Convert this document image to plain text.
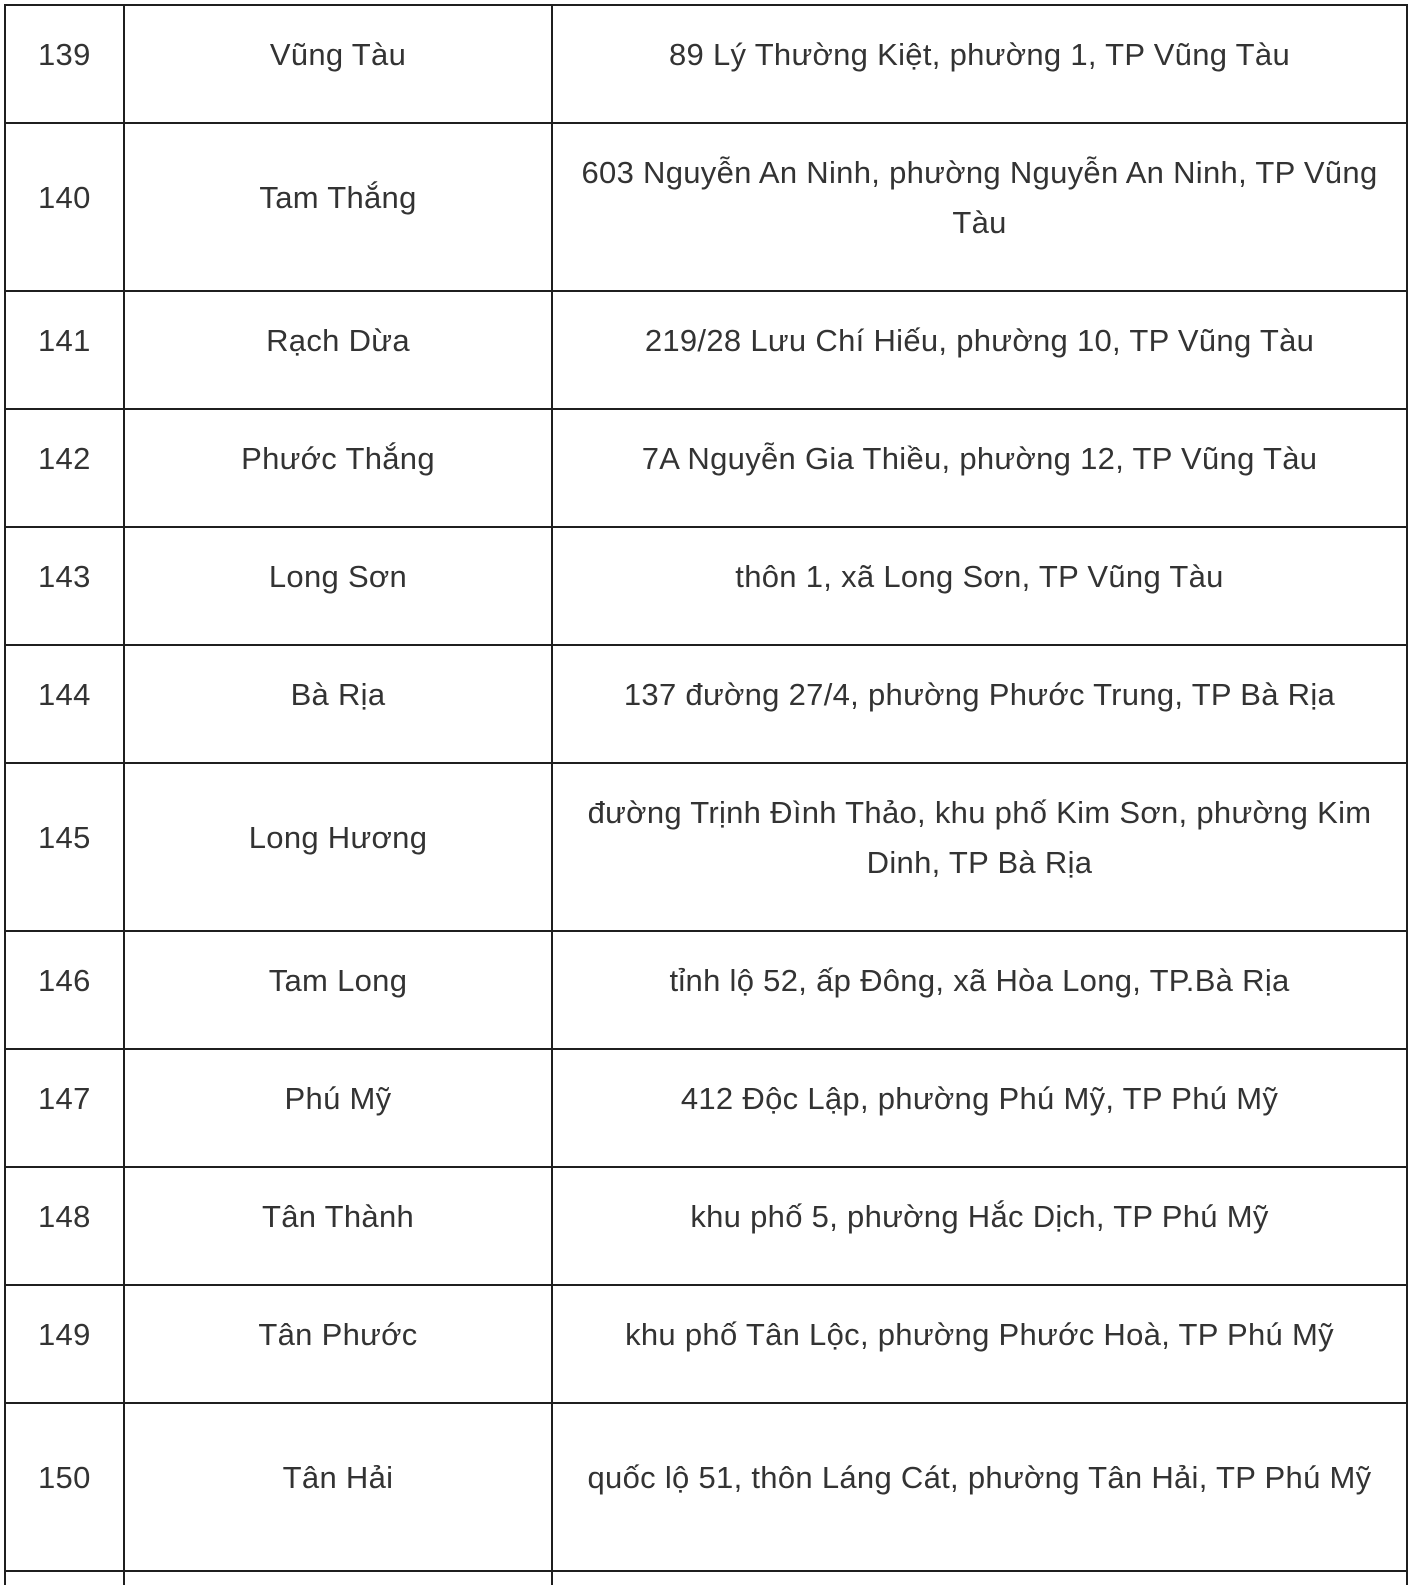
139	Vũng Tàu	89 Lý Thường Kiệt, phường 1, TP Vũng Tàu
140	Tam Thắng	603 Nguyễn An Ninh, phường Nguyễn An Ninh, TP Vũng Tàu
141	Rạch Dừa	219/28 Lưu Chí Hiếu, phường 10, TP Vũng Tàu
142	Phước Thắng	7A Nguyễn Gia Thiều, phường 12, TP Vũng Tàu
143	Long Sơn	thôn 1, xã Long Sơn, TP Vũng Tàu
144	Bà Rịa	137 đường 27/4, phường Phước Trung, TP Bà Rịa
145	Long Hương	đường Trịnh Đình Thảo, khu phố Kim Sơn, phường Kim Dinh, TP Bà Rịa
146	Tam Long	tỉnh lộ 52, ấp Đông, xã Hòa Long, TP.Bà Rịa
147	Phú Mỹ	412 Độc Lập, phường Phú Mỹ, TP Phú Mỹ
148	Tân Thành	khu phố 5, phường Hắc Dịch, TP Phú Mỹ
149	Tân Phước	khu phố Tân Lộc, phường Phước Hoà, TP Phú Mỹ
150	Tân Hải	quốc lộ 51, thôn Láng Cát, phường Tân Hải, TP Phú Mỹ
